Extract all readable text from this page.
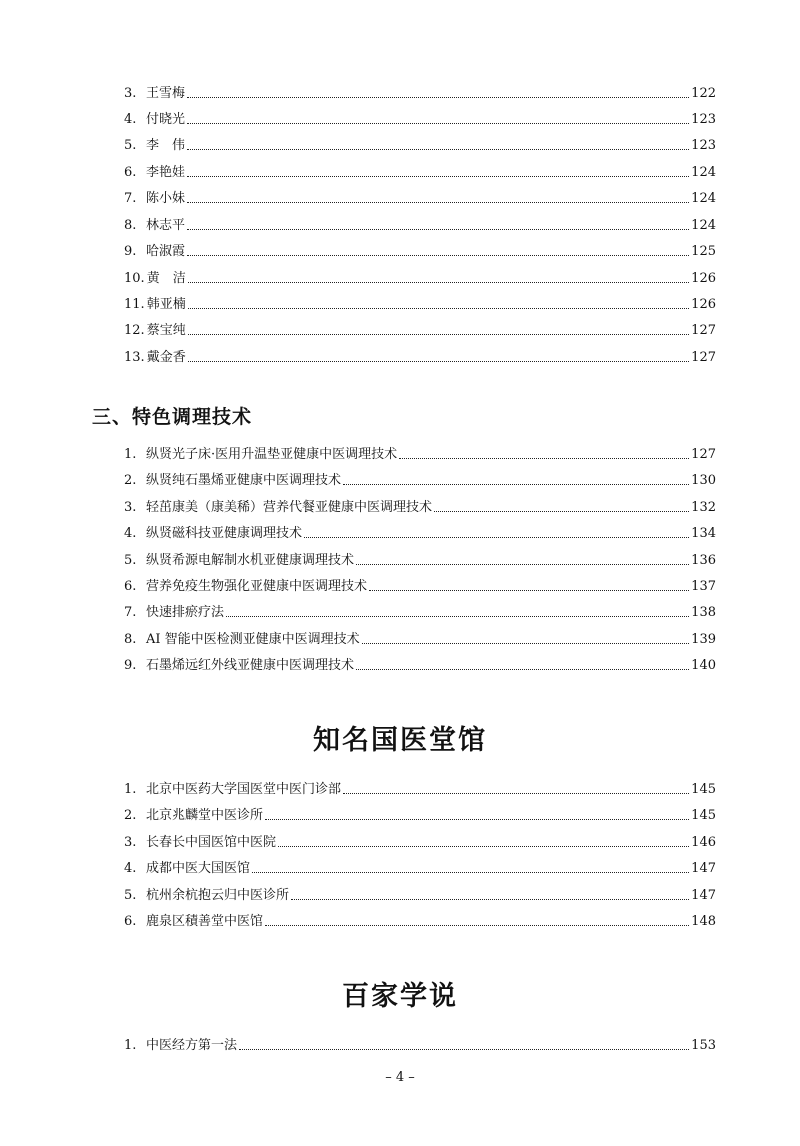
3. 王雪梅	122
4. 付晓光	123
5. 李　伟	123
6. 李艳娃	124
7. 陈小妹	124
8. 林志平	124
9. 哈淑霞	125
10. 黄　洁	126
11. 韩亚楠	126
12. 蔡宝纯	127
13. 戴金香	127
三、特色调理技术
1. 纵贤光子床·医用升温垫亚健康中医调理技术	127
2. 纵贤纯石墨烯亚健康中医调理技术	130
3. 轻茁康美（康美稀）营养代餐亚健康中医调理技术	132
4. 纵贤磁科技亚健康调理技术	134
5. 纵贤希源电解制水机亚健康调理技术	136
6. 营养免疫生物强化亚健康中医调理技术	137
7. 快速排瘀疗法	138
8. AI 智能中医检测亚健康中医调理技术	139
9. 石墨烯远红外线亚健康中医调理技术	140
知名国医堂馆
1. 北京中医药大学国医堂中医门诊部	145
2. 北京兆麟堂中医诊所	145
3. 长春长中国医馆中医院	146
4. 成都中医大国医馆	147
5. 杭州余杭抱云归中医诊所	147
6. 鹿泉区積善堂中医馆	148
百家学说
1. 中医经方第一法	153
– 4 –
